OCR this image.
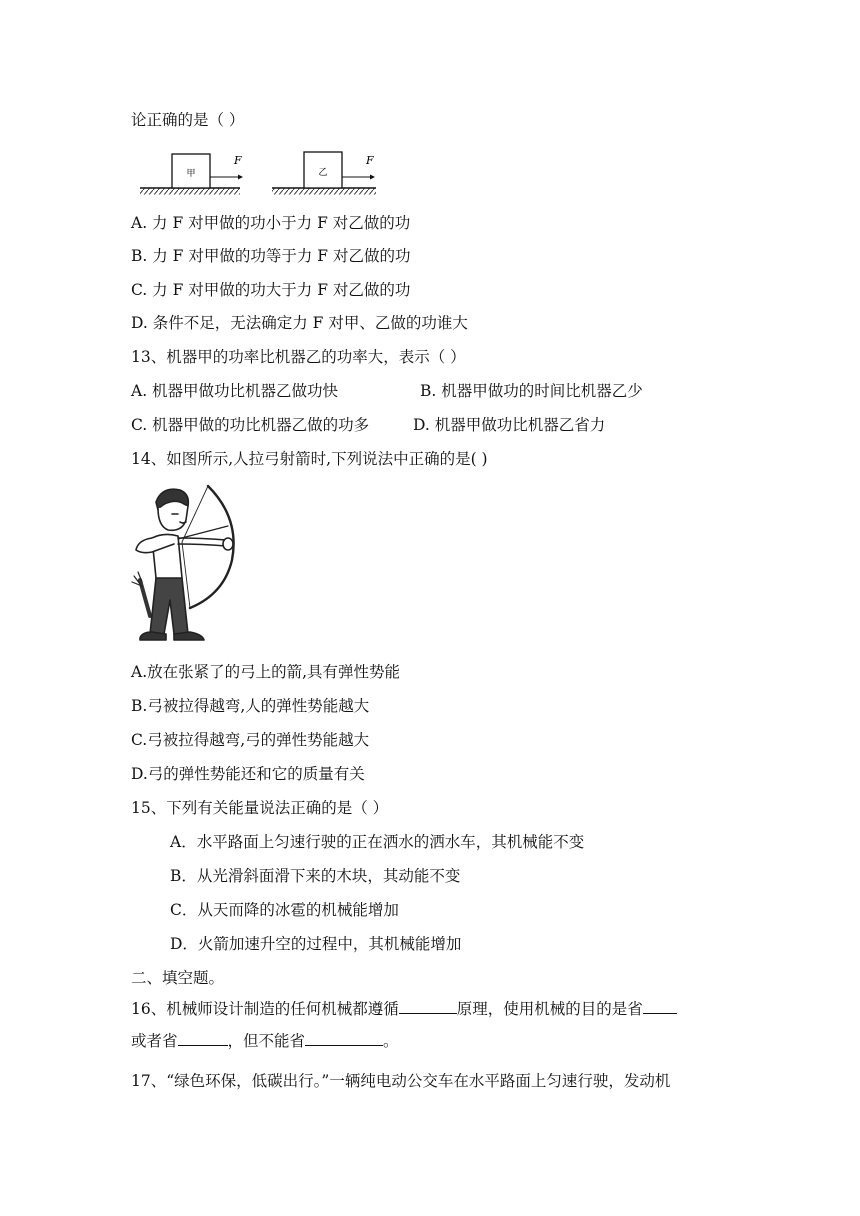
论正确的是（ ）
甲
F
乙
F
A. 力 F 对甲做的功小于力 F 对乙做的功
B. 力 F 对甲做的功等于力 F 对乙做的功
C. 力 F 对甲做的功大于力 F 对乙做的功
D. 条件不足，无法确定力 F 对甲、乙做的功谁大
13、机器甲的功率比机器乙的功率大，表示（ ）
A. 机器甲做功比机器乙做功快	B. 机器甲做功的时间比机器乙少
C. 机器甲做的功比机器乙做的功多	D. 机器甲做功比机器乙省力
14、如图所示,人拉弓射箭时,下列说法中正确的是( )
A.放在张紧了的弓上的箭,具有弹性势能
B.弓被拉得越弯,人的弹性势能越大
C.弓被拉得越弯,弓的弹性势能越大
D.弓的弹性势能还和它的质量有关
15、下列有关能量说法正确的是（ ）
A．水平路面上匀速行驶的正在洒水的洒水车，其机械能不变
B．从光滑斜面滑下来的木块，其动能不变
C．从天而降的冰雹的机械能增加
D．火箭加速升空的过程中，其机械能增加
二、填空题。
16、机械师设计制造的任何机械都遵循	原理，使用机械的目的是省
或者省	，但不能省	。
17、“绿色环保，低碳出行。”一辆纯电动公交车在水平路面上匀速行驶，发动机
